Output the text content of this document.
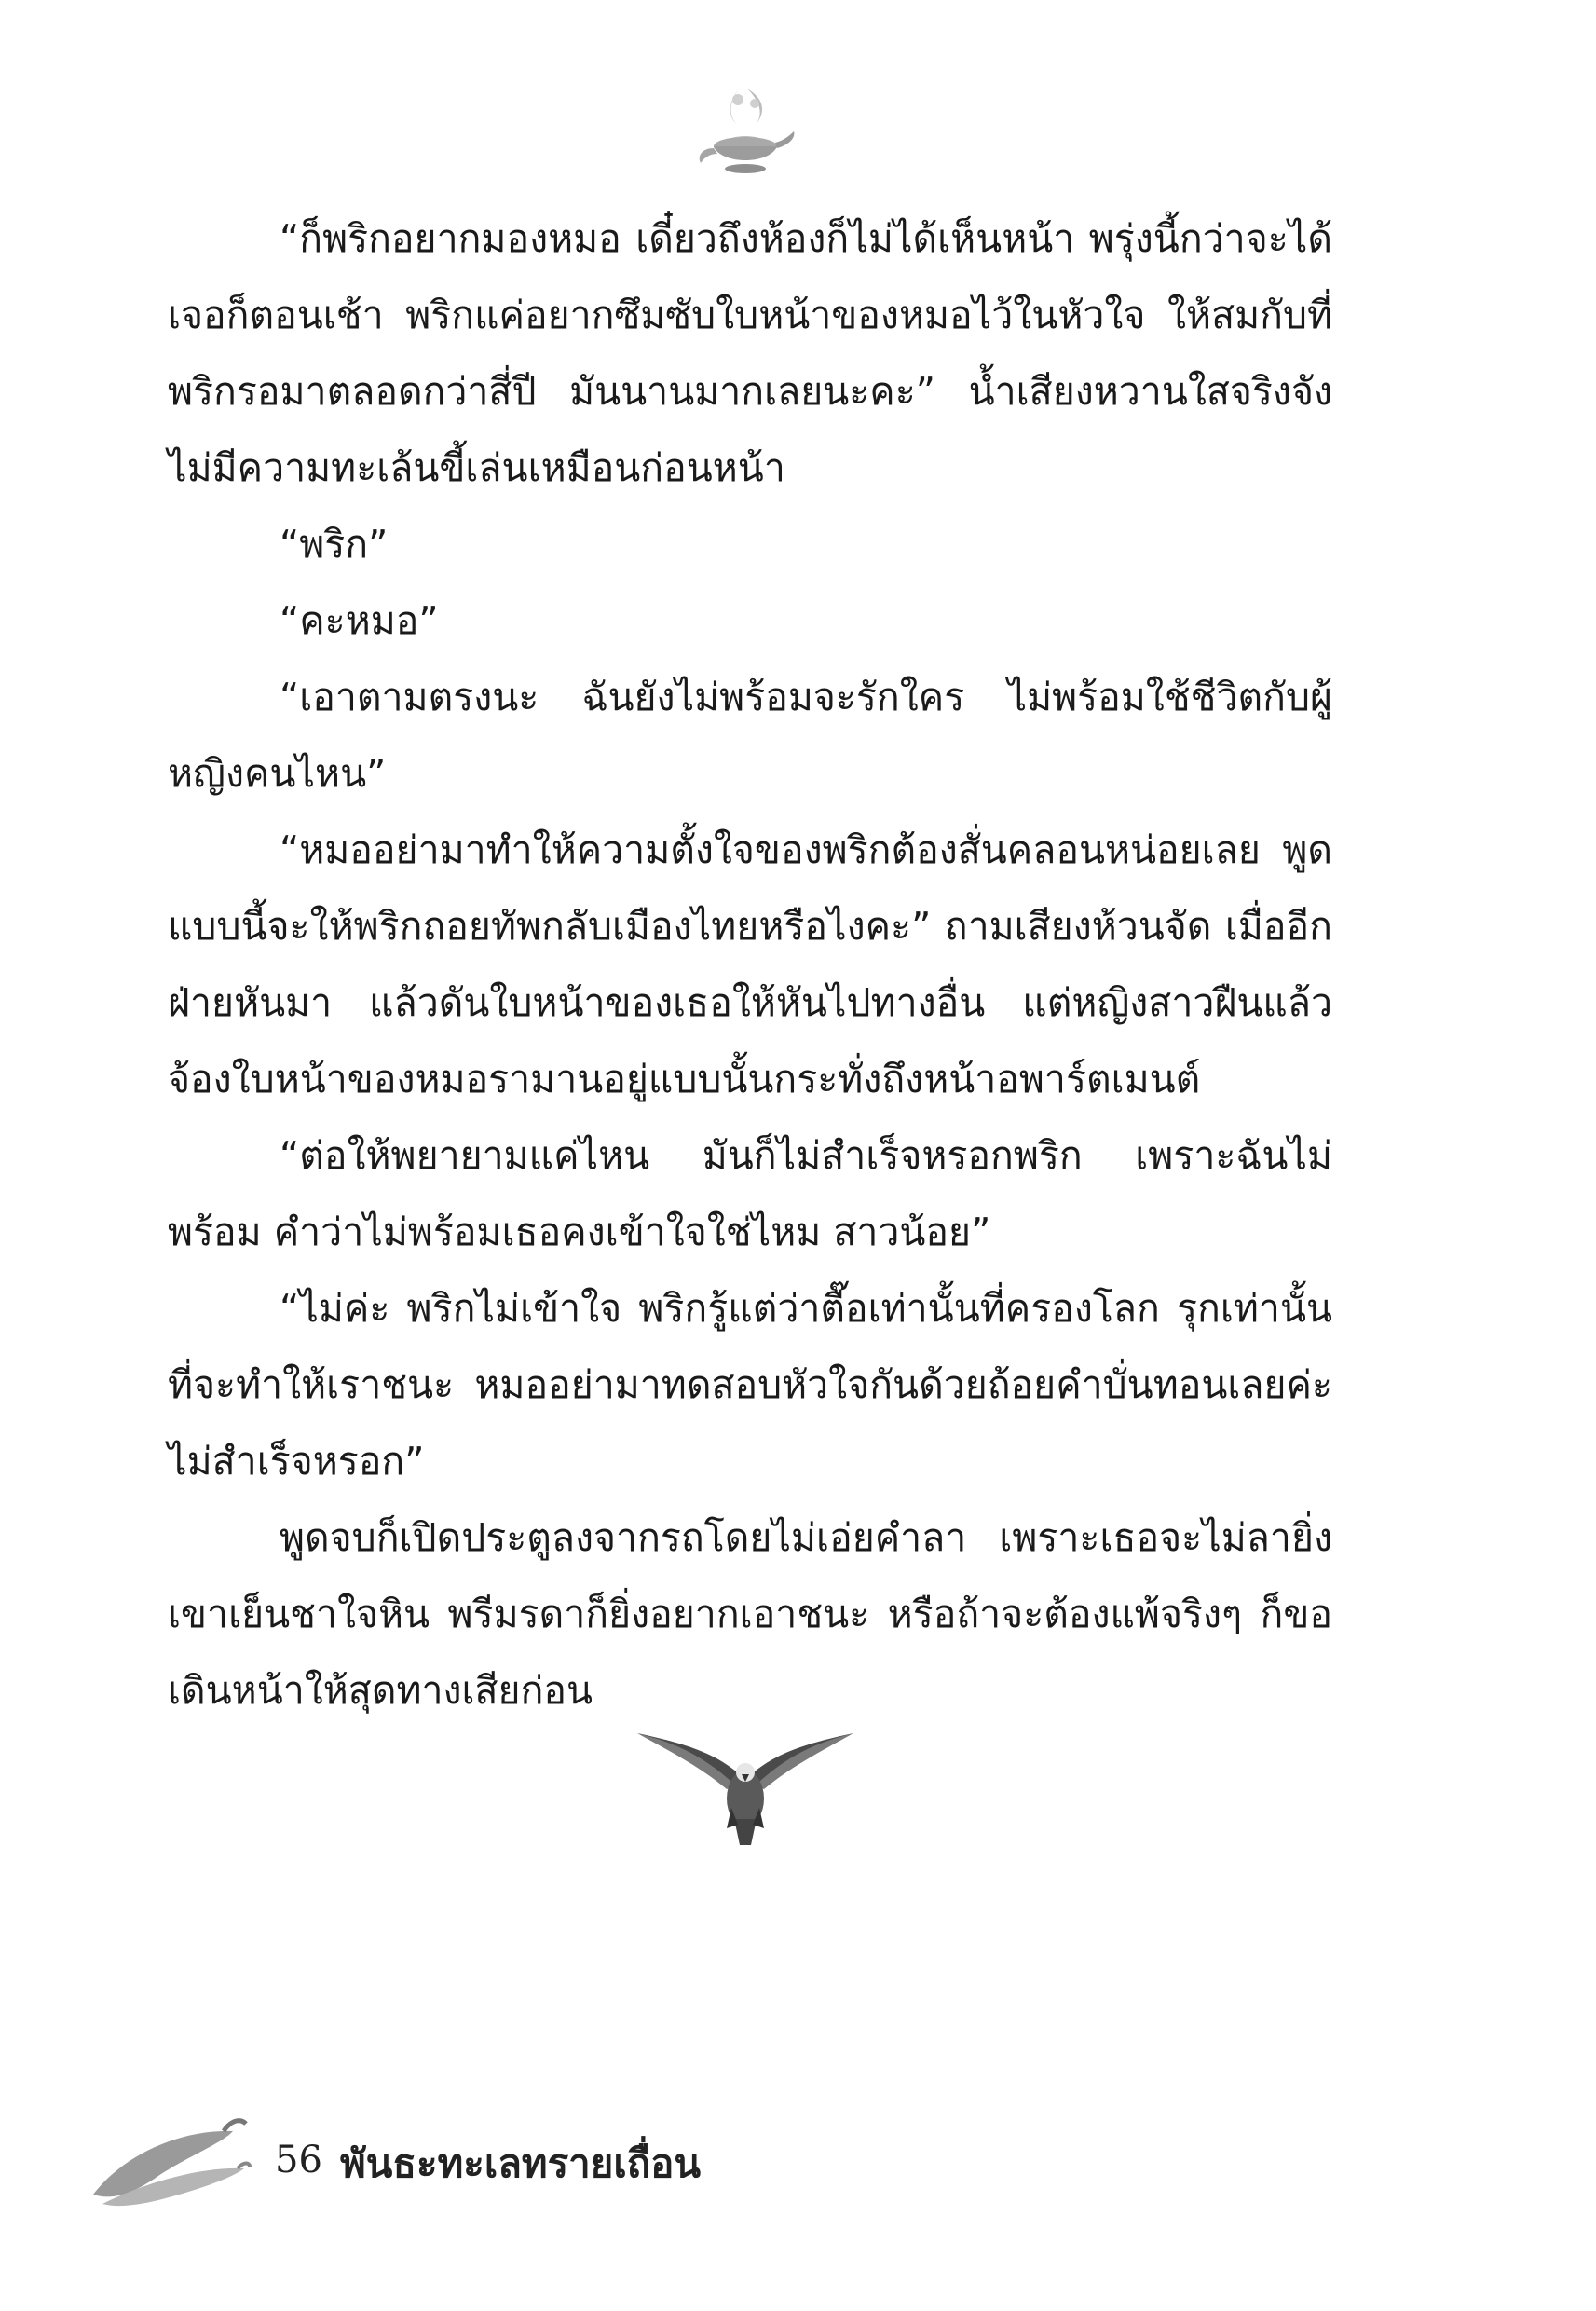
“ก็พริกอยากมองหมอ เดี๋ยวถึงห้องก็ไม่ได้เห็นหน้า พรุ่งนี้กว่าจะได้เจอก็ตอนเช้า พริกแค่อยากซึมซับใบหน้าของหมอไว้ในหัวใจ ให้สมกับที่พริกรอมาตลอดกว่าสี่ปี มันนานมากเลยนะคะ” น้ำเสียงหวานใสจริงจัง ไม่มีความทะเล้นขี้เล่นเหมือนก่อนหน้า

“พริก”

“คะหมอ”

“เอาตามตรงนะ ฉันยังไม่พร้อมจะรักใคร ไม่พร้อมใช้ชีวิตกับผู้หญิงคนไหน”

“หมออย่ามาทำให้ความตั้งใจของพริกต้องสั่นคลอนหน่อยเลย พูดแบบนี้จะให้พริกถอยทัพกลับเมืองไทยหรือไงคะ” ถามเสียงห้วนจัด เมื่ออีกฝ่ายหันมา แล้วดันใบหน้าของเธอให้หันไปทางอื่น แต่หญิงสาวฝืนแล้วจ้องใบหน้าของหมอรามานอยู่แบบนั้นกระทั่งถึงหน้าอพาร์ตเมนต์

“ต่อให้พยายามแค่ไหน มันก็ไม่สำเร็จหรอกพริก เพราะฉันไม่พร้อม คำว่าไม่พร้อมเธอคงเข้าใจใช่ไหม สาวน้อย”

“ไม่ค่ะ พริกไม่เข้าใจ พริกรู้แต่ว่าตื๊อเท่านั้นที่ครองโลก รุกเท่านั้นที่จะทำให้เราชนะ หมออย่ามาทดสอบหัวใจกันด้วยถ้อยคำบั่นทอนเลยค่ะ ไม่สำเร็จหรอก”

พูดจบก็เปิดประตูลงจากรถโดยไม่เอ่ยคำลา เพราะเธอจะไม่ลายิ่งเขาเย็นชาใจหิน พรีมรดาก็ยิ่งอยากเอาชนะ หรือถ้าจะต้องแพ้จริงๆ ก็ขอเดินหน้าให้สุดทางเสียก่อน

56 พันธะทะเลทรายเถื่อน
